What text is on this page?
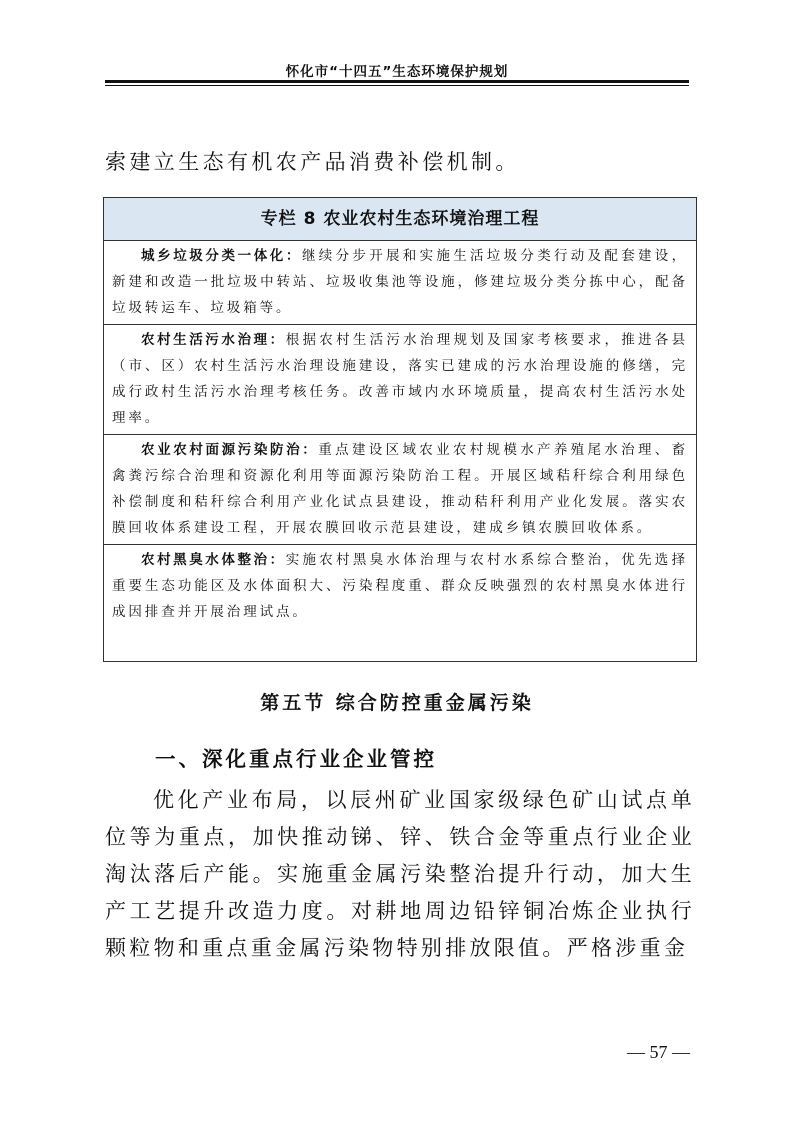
怀化市“十四五”生态环境保护规划
索建立生态有机农产品消费补偿机制。
专栏 8 农业农村生态环境治理工程
城乡垃圾分类一体化：继续分步开展和实施生活垃圾分类行动及配套建设，新建和改造一批垃圾中转站、垃圾收集池等设施，修建垃圾分类分拣中心，配备垃圾转运车、垃圾箱等。
农村生活污水治理：根据农村生活污水治理规划及国家考核要求，推进各县（市、区）农村生活污水治理设施建设，落实已建成的污水治理设施的修缮，完成行政村生活污水治理考核任务。改善市域内水环境质量，提高农村生活污水处理率。
农业农村面源污染防治：重点建设区域农业农村规模水产养殖尾水治理、畜禽粪污综合治理和资源化利用等面源污染防治工程。开展区域秸秆综合利用绿色补偿制度和秸秆综合利用产业化试点县建设，推动秸秆利用产业化发展。落实农膜回收体系建设工程，开展农膜回收示范县建设，建成乡镇农膜回收体系。
农村黑臭水体整治：实施农村黑臭水体治理与农村水系综合整治，优先选择重要生态功能区及水体面积大、污染程度重、群众反映强烈的农村黑臭水体进行成因排查并开展治理试点。
第五节 综合防控重金属污染
一、深化重点行业企业管控
优化产业布局，以辰州矿业国家级绿色矿山试点单位等为重点，加快推动锑、锌、铁合金等重点行业企业淘汰落后产能。实施重金属污染整治提升行动，加大生产工艺提升改造力度。对耕地周边铅锌铜冶炼企业执行颗粒物和重点重金属污染物特别排放限值。严格涉重金
— 57 —
